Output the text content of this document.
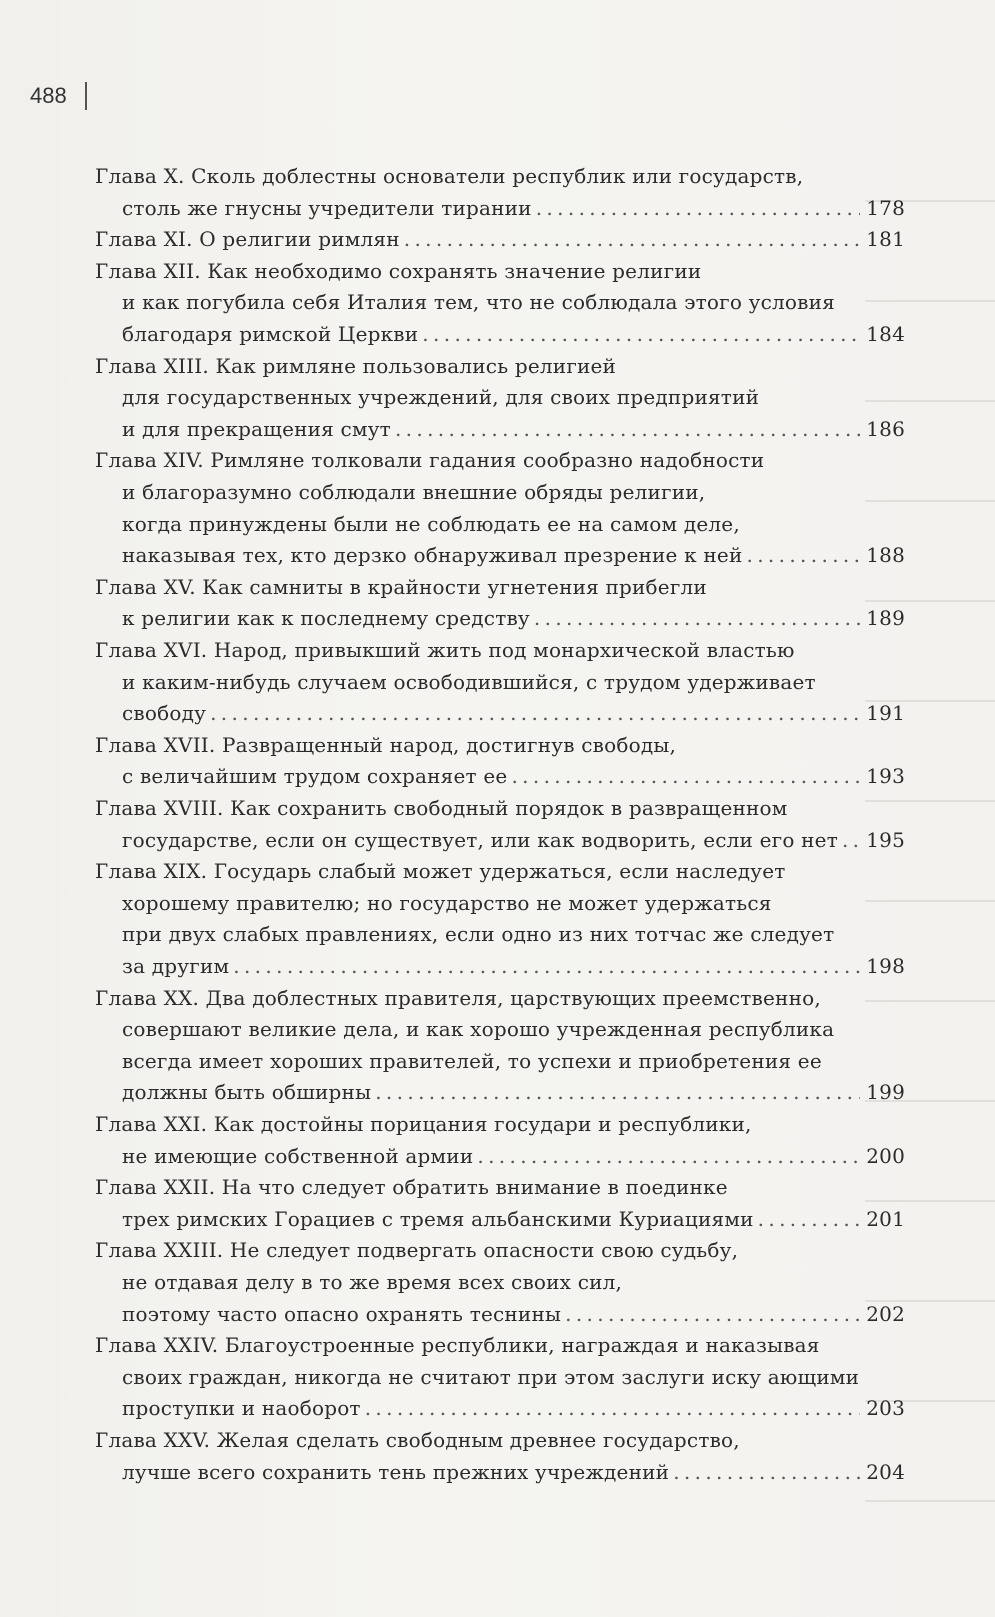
488
Глава X. Сколь доблестны основатели республик или государств,
столь же гнусны учредители тирании . . .	178
Глава XI. О религии римлян . . .	181
Глава XII. Как необходимо сохранять значение религии
и как погубила себя Италия тем, что не соблюдала этого условия
благодаря римской Церкви . . .	184
Глава XIII. Как римляне пользовались религией
для государственных учреждений, для своих предприятий
и для прекращения смут . . .	186
Глава XIV. Римляне толковали гадания сообразно надобности
и благоразумно соблюдали внешние обряды религии,
когда принуждены были не соблюдать ее на самом деле,
наказывая тех, кто дерзко обнаруживал презрение к ней . . .	188
Глава XV. Как самниты в крайности угнетения прибегли
к религии как к последнему средству . . .	189
Глава XVI. Народ, привыкший жить под монархической властью
и каким-нибудь случаем освободившийся, с трудом удерживает
свободу . . .	191
Глава XVII. Развращенный народ, достигнув свободы,
с величайшим трудом сохраняет ее . . .	193
Глава XVIII. Как сохранить свободный порядок в развращенном
государстве, если он существует, или как водворить, если его нет . . . 195
Глава XIX. Государь слабый может удержаться, если наследует
хорошему правителю; но государство не может удержаться
при двух слабых правлениях, если одно из них тотчас же следует
за другим . . .	198
Глава XX. Два доблестных правителя, царствующих преемственно,
совершают великие дела, и как хорошо учрежденная республика
всегда имеет хороших правителей, то успехи и приобретения ее
должны быть обширны . . .	199
Глава XXI. Как достойны порицания государи и республики,
не имеющие собственной армии . . .	200
Глава XXII. На что следует обратить внимание в поединке
трех римских Горациев с тремя альбанскими Куриациями . . .	201
Глава XXIII. Не следует подвергать опасности свою судьбу,
не отдавая делу в то же время всех своих сил,
поэтому часто опасно охранять теснины . . .	202
Глава XXIV. Благоустроенные республики, награждая и наказывая
своих граждан, никогда не считают при этом заслуги иску ающими
проступки и наоборот . . .	203
Глава XXV. Желая сделать свободным древнее государство,
лучше всего сохранить тень прежних учреждений . . .	204
